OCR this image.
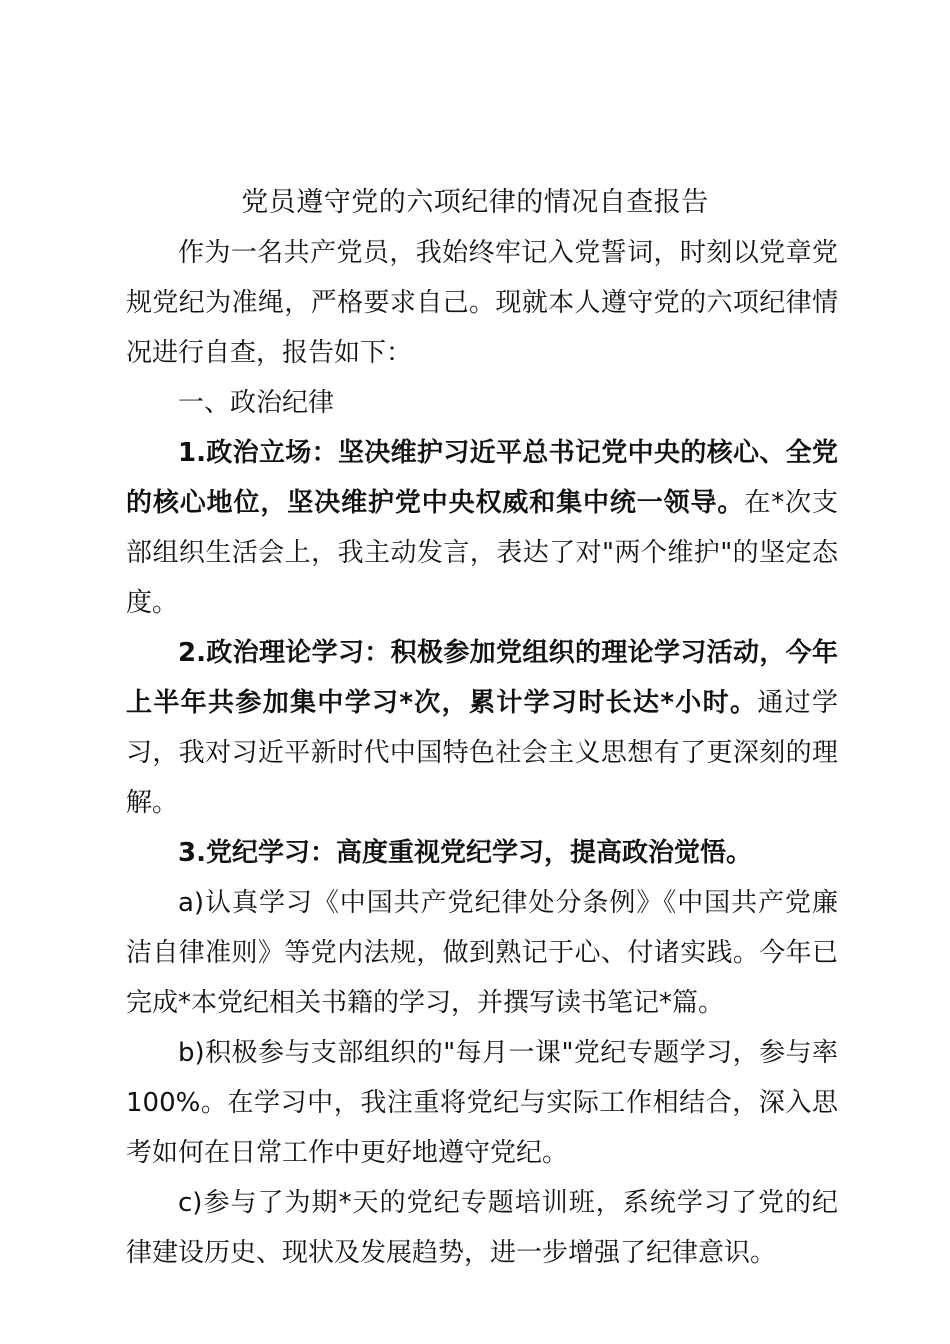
党员遵守党的六项纪律的情况自查报告

作为一名共产党员，我始终牢记入党誓词，时刻以党章党规党纪为准绳，严格要求自己。现就本人遵守党的六项纪律情况进行自查，报告如下：

一、政治纪律

1.政治立场：坚决维护习近平总书记党中央的核心、全党的核心地位，坚决维护党中央权威和集中统一领导。在*次支部组织生活会上，我主动发言，表达了对"两个维护"的坚定态度。

2.政治理论学习：积极参加党组织的理论学习活动，今年上半年共参加集中学习*次，累计学习时长达*小时。通过学习，我对习近平新时代中国特色社会主义思想有了更深刻的理解。

3.党纪学习：高度重视党纪学习，提高政治觉悟。

a)认真学习《中国共产党纪律处分条例》《中国共产党廉洁自律准则》等党内法规，做到熟记于心、付诸实践。今年已完成*本党纪相关书籍的学习，并撰写读书笔记*篇。

b)积极参与支部组织的"每月一课"党纪专题学习，参与率100%。在学习中，我注重将党纪与实际工作相结合，深入思考如何在日常工作中更好地遵守党纪。

c)参与了为期*天的党纪专题培训班，系统学习了党的纪律建设历史、现状及发展趋势，进一步增强了纪律意识。
